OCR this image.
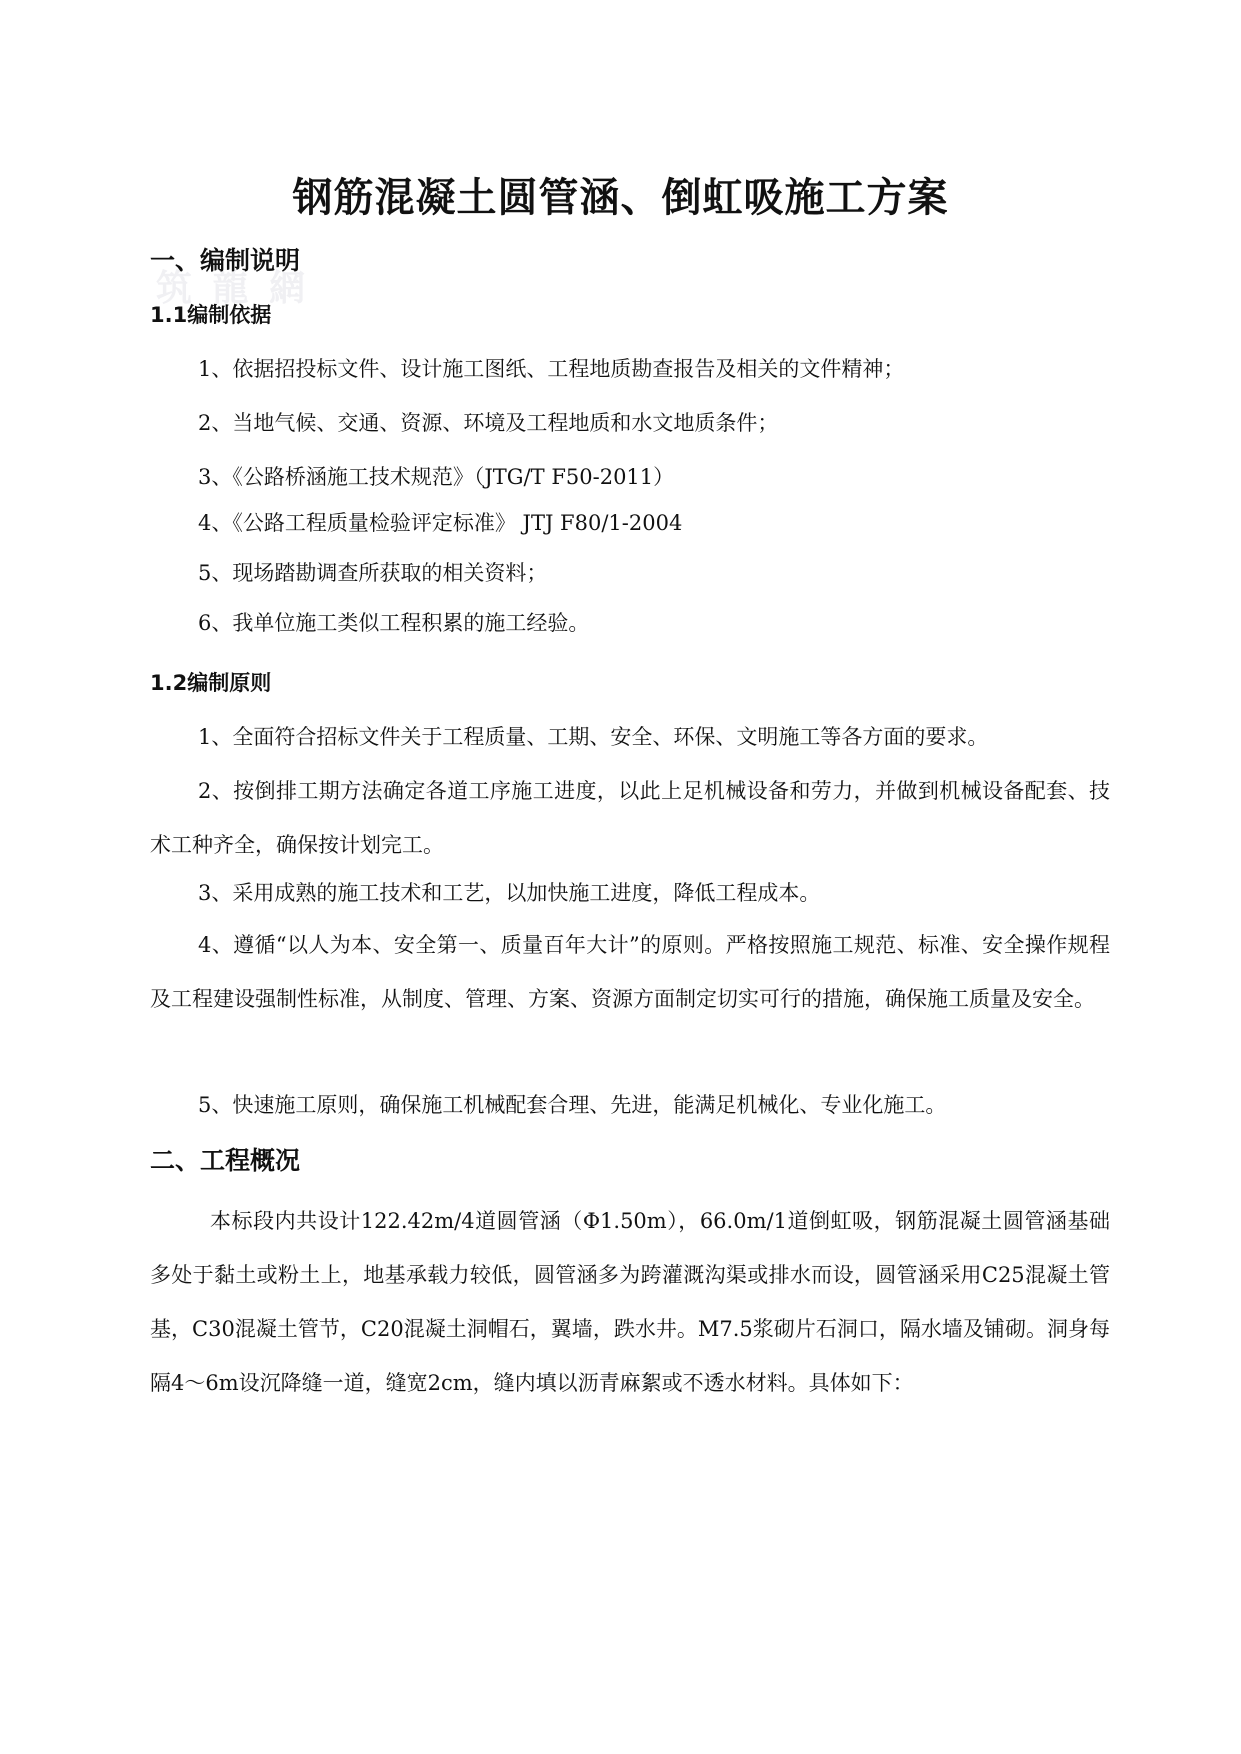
筑 龍 網
钢筋混凝土圆管涵、倒虹吸施工方案
一、编制说明
1.1编制依据

1、依据招投标文件、设计施工图纸、工程地质勘查报告及相关的文件精神；

2、当地气候、交通、资源、环境及工程地质和水文地质条件；

3、《公路桥涵施工技术规范》（JTG/T F50-2011）

4、《公路工程质量检验评定标准》 JTJ F80/1-2004

5、现场踏勘调查所获取的相关资料；

6、我单位施工类似工程积累的施工经验。

1.2编制原则

1、全面符合招标文件关于工程质量、工期、安全、环保、文明施工等各方面的要求。

2、按倒排工期方法确定各道工序施工进度，以此上足机械设备和劳力，并做到机械设备配套、技术工种齐全，确保按计划完工。

3、采用成熟的施工技术和工艺，以加快施工进度，降低工程成本。

4、遵循“以人为本、安全第一、质量百年大计”的原则。严格按照施工规范、标准、安全操作规程及工程建设强制性标准，从制度、管理、方案、资源方面制定切实可行的措施，确保施工质量及安全。

5、快速施工原则，确保施工机械配套合理、先进，能满足机械化、专业化施工。

二、工程概况

本标段内共设计122.42m/4道圆管涵（Φ1.50m），66.0m/1道倒虹吸，钢筋混凝土圆管涵基础多处于黏土或粉土上，地基承载力较低，圆管涵多为跨灌溉沟渠或排水而设，圆管涵采用C25混凝土管基，C30混凝土管节，C20混凝土洞帽石，翼墙，跌水井。M7.5浆砌片石洞口，隔水墙及铺砌。洞身每隔4～6m设沉降缝一道，缝宽2cm，缝内填以沥青麻絮或不透水材料。具体如下：
